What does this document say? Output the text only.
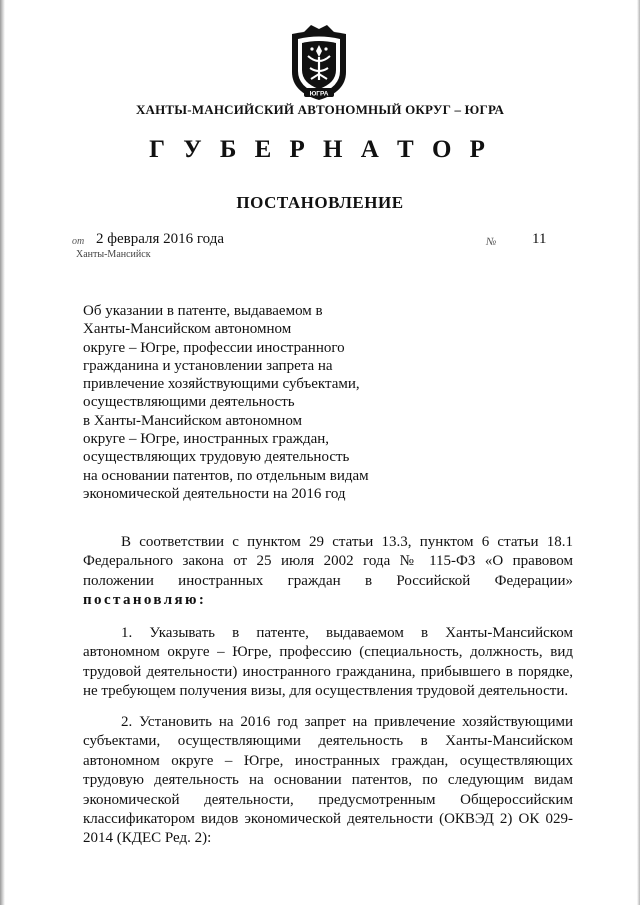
ЮГРА
ХАНТЫ-МАНСИЙСКИЙ АВТОНОМНЫЙ ОКРУГ – ЮГРА
Г У Б Е Р Н А Т О Р
ПОСТАНОВЛЕНИЕ
от 2 февраля 2016 года	№ 11
Ханты-Мансийск
Об указании в патенте, выдаваемом в
Ханты-Мансийском автономном
округе – Югре, профессии иностранного
гражданина и установлении запрета на
привлечение хозяйствующими субъектами,
осуществляющими деятельность
в Ханты-Мансийском автономном
округе – Югре, иностранных граждан,
осуществляющих трудовую деятельность
на основании патентов, по отдельным видам
экономической деятельности на 2016 год
В соответствии с пунктом 29 статьи 13.3, пунктом 6 статьи 18.1 Федерального закона от 25 июля 2002 года № 115-ФЗ «О правовом положении иностранных граждан в Российской Федерации» постановляю:
1. Указывать в патенте, выдаваемом в Ханты-Мансийском автономном округе – Югре, профессию (специальность, должность, вид трудовой деятельности) иностранного гражданина, прибывшего в порядке, не требующем получения визы, для осуществления трудовой деятельности.
2. Установить на 2016 год запрет на привлечение хозяйствующими субъектами, осуществляющими деятельность в Ханты-Мансийском автономном округе – Югре, иностранных граждан, осуществляющих трудовую деятельность на основании патентов, по следующим видам экономической деятельности, предусмотренным Общероссийским классификатором видов экономической деятельности (ОКВЭД 2) ОК 029-2014 (КДЕС Ред. 2):
